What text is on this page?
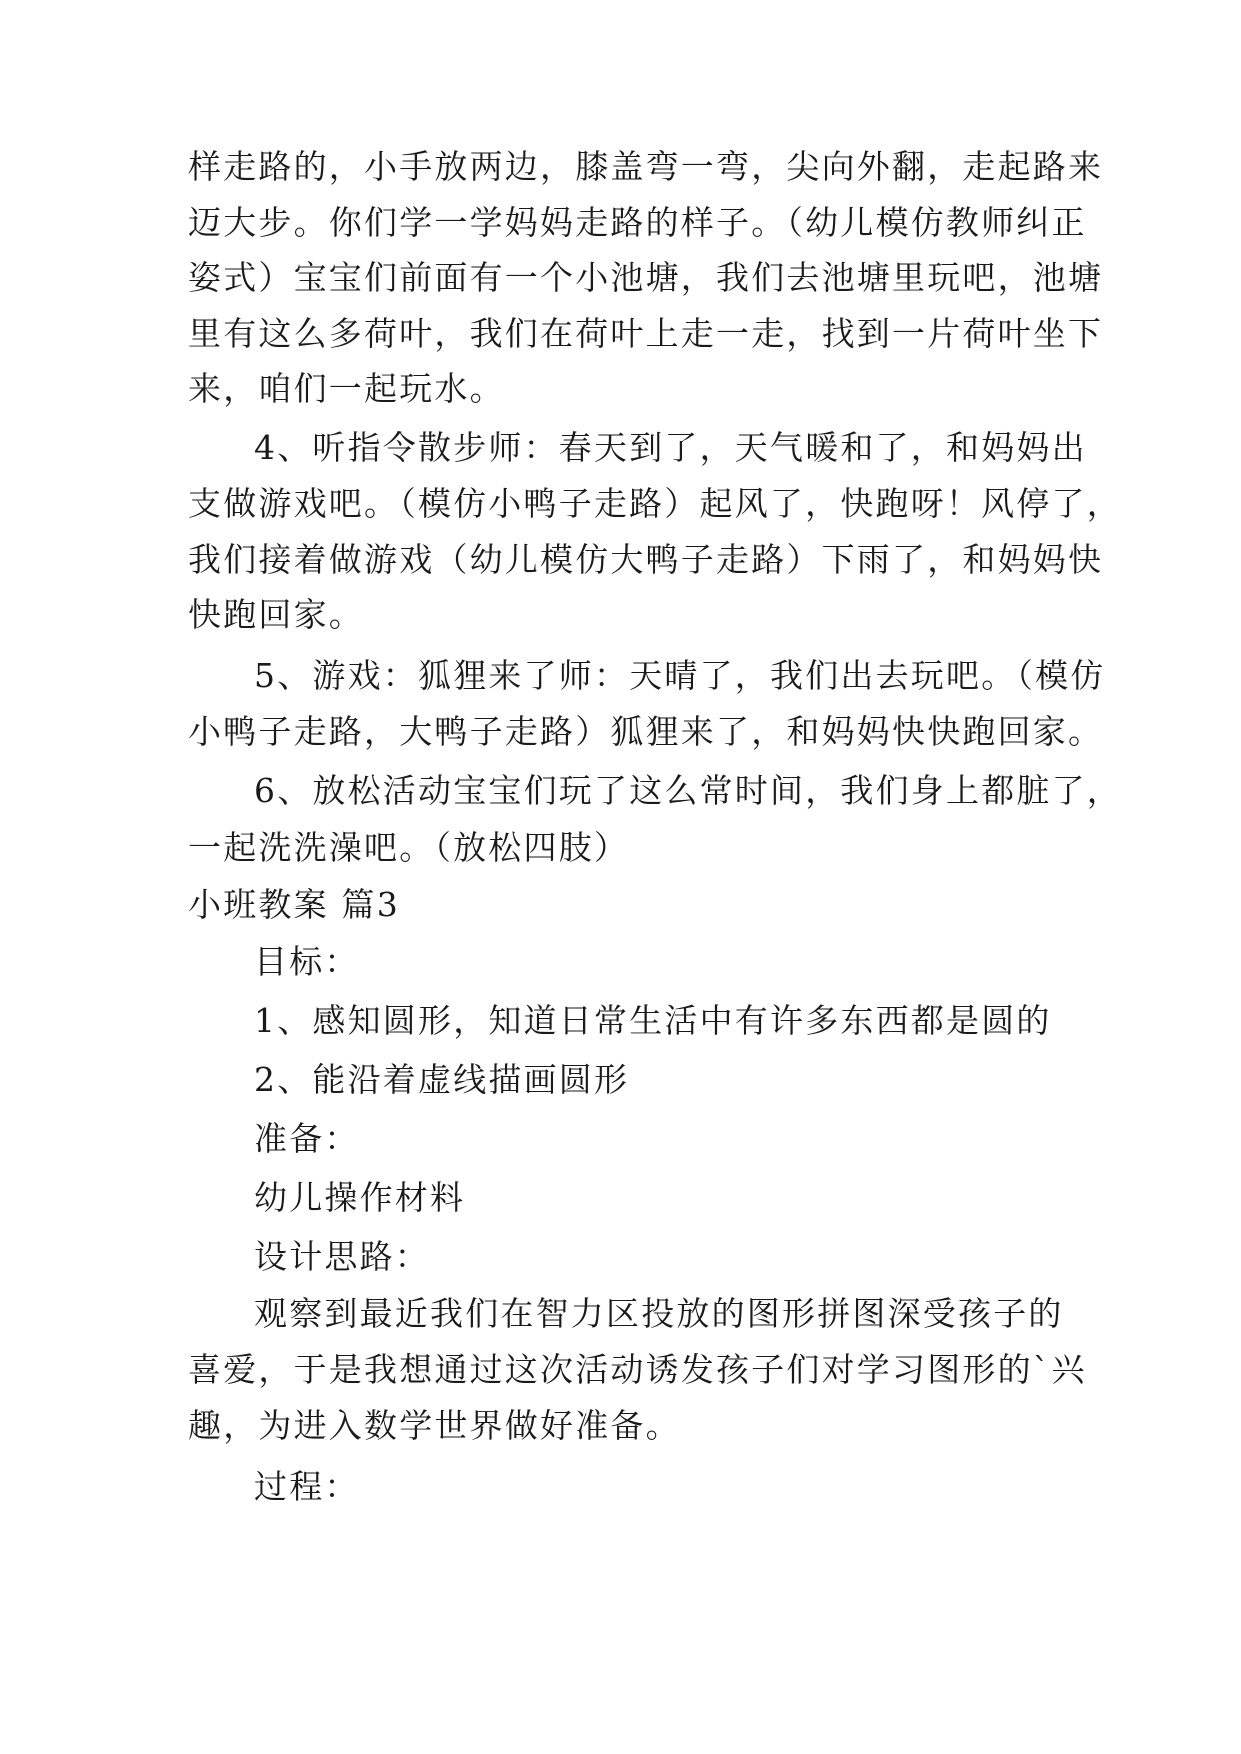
样走路的，小手放两边，膝盖弯一弯，尖向外翻，走起路来
迈大步。你们学一学妈妈走路的样子。（幼儿模仿教师纠正
姿式）宝宝们前面有一个小池塘，我们去池塘里玩吧，池塘
里有这么多荷叶，我们在荷叶上走一走，找到一片荷叶坐下
来，咱们一起玩水。
4、听指令散步师：春天到了，天气暖和了，和妈妈出
支做游戏吧。（模仿小鸭子走路）起风了，快跑呀！风停了，
我们接着做游戏（幼儿模仿大鸭子走路）下雨了，和妈妈快
快跑回家。
5、游戏：狐狸来了师：天晴了，我们出去玩吧。（模仿
小鸭子走路，大鸭子走路）狐狸来了，和妈妈快快跑回家。
6、放松活动宝宝们玩了这么常时间，我们身上都脏了，
一起洗洗澡吧。（放松四肢）
小班教案 篇3
目标：
1、感知圆形，知道日常生活中有许多东西都是圆的
2、能沿着虚线描画圆形
准备：
幼儿操作材料
设计思路：
观察到最近我们在智力区投放的图形拼图深受孩子的
喜爱，于是我想通过这次活动诱发孩子们对学习图形的`兴
趣，为进入数学世界做好准备。
过程：
